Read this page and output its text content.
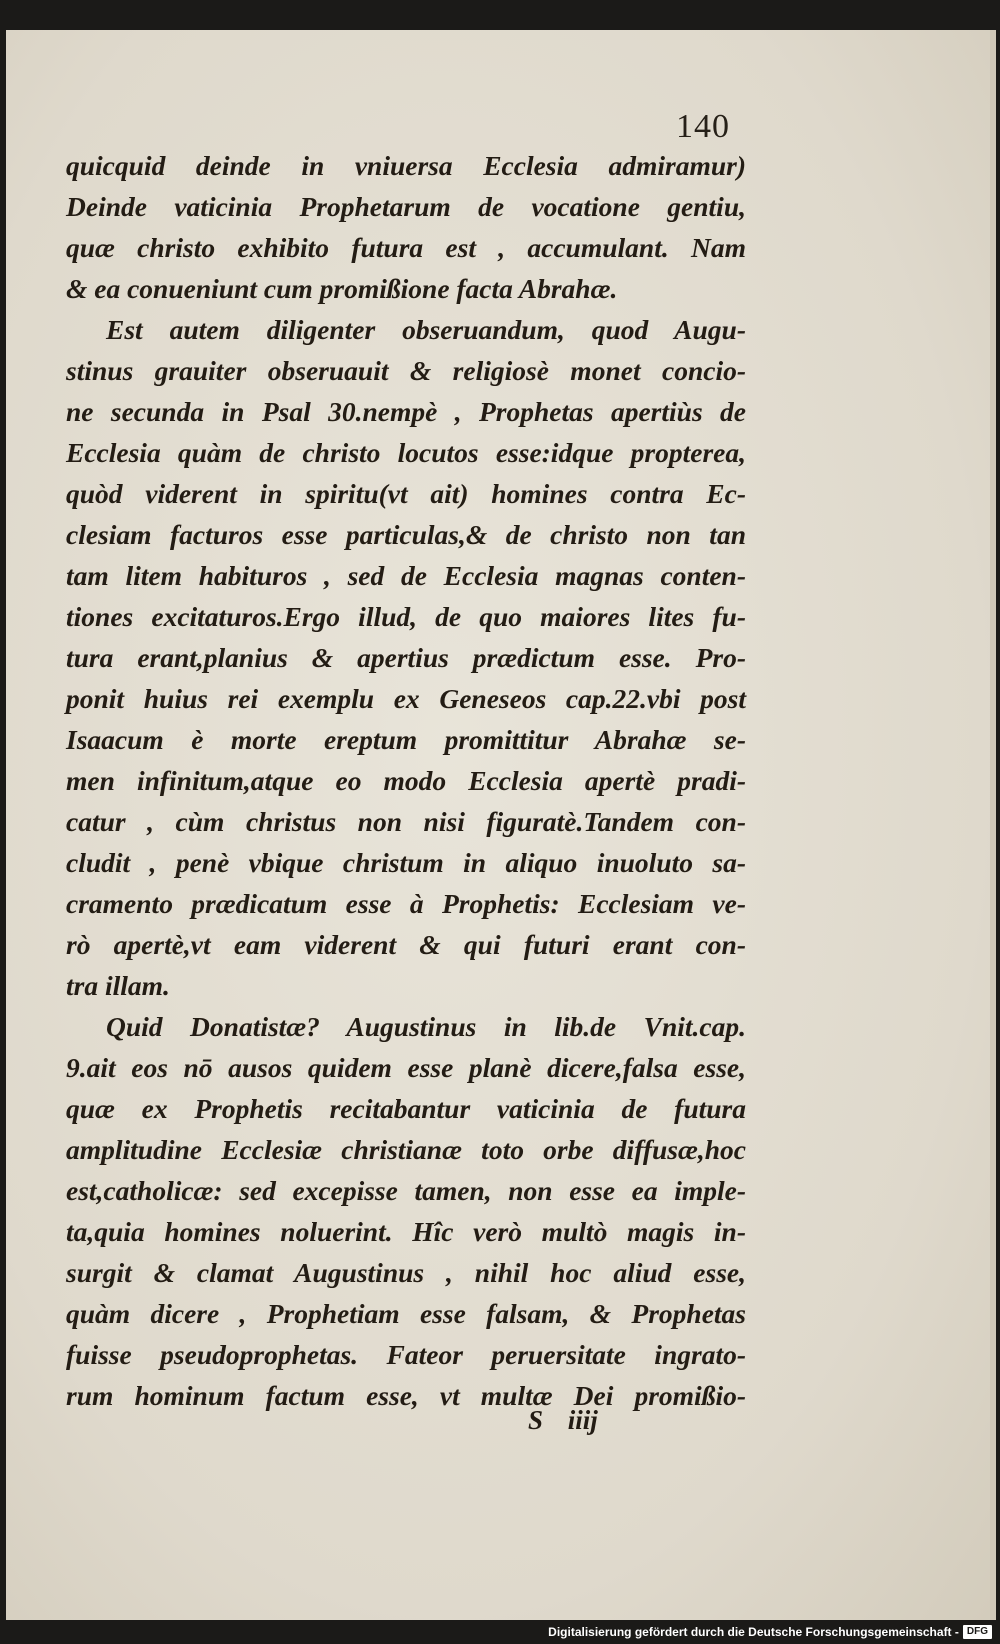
140
quicquid deinde in vniuersa Ecclesia admiramur)
Deinde vaticinia Prophetarum de vocatione gentiu,
quæ christo exhibito futura est , accumulant. Nam
& ea conueniunt cum promißione facta Abrahæ.
Est autem diligenter obseruandum, quod Augu-
stinus grauiter obseruauit & religiosè monet concio-
ne secunda in Psal 30.nempè , Prophetas apertiùs de
Ecclesia quàm de christo locutos esse:idque propterea,
quòd viderent in spiritu(vt ait) homines contra Ec-
clesiam facturos esse particulas,& de christo non tan
tam litem habituros , sed de Ecclesia magnas conten-
tiones excitaturos.Ergo illud, de quo maiores lites fu-
tura erant,planius & apertius prædictum esse. Pro-
ponit huius rei exemplu ex Geneseos cap.22.vbi post
Isaacum è morte ereptum promittitur Abrahæ se-
men infinitum,atque eo modo Ecclesia apertè pradi-
catur , cùm christus non nisi figuratè.Tandem con-
cludit , penè vbique christum in aliquo inuoluto sa-
cramento prædicatum esse à Prophetis: Ecclesiam ve-
rò apertè,vt eam viderent & qui futuri erant con-
tra illam.
Quid Donatistæ? Augustinus in lib.de Vnit.cap.
9.ait eos nō ausos quidem esse planè dicere,falsa esse,
quæ ex Prophetis recitabantur vaticinia de futura
amplitudine Ecclesiæ christianæ toto orbe diffusæ,hoc
est,catholicæ: sed excepisse tamen, non esse ea imple-
ta,quia homines noluerint. Hîc verò multò magis in-
surgit & clamat Augustinus , nihil hoc aliud esse,
quàm dicere , Prophetiam esse falsam, & Prophetas
fuisse pseudoprophetas. Fateor peruersitate ingrato-
rum hominum factum esse, vt multæ Dei promißio-
S iiij
Digitalisierung gefördert durch die Deutsche Forschungsgemeinschaft - DFG
